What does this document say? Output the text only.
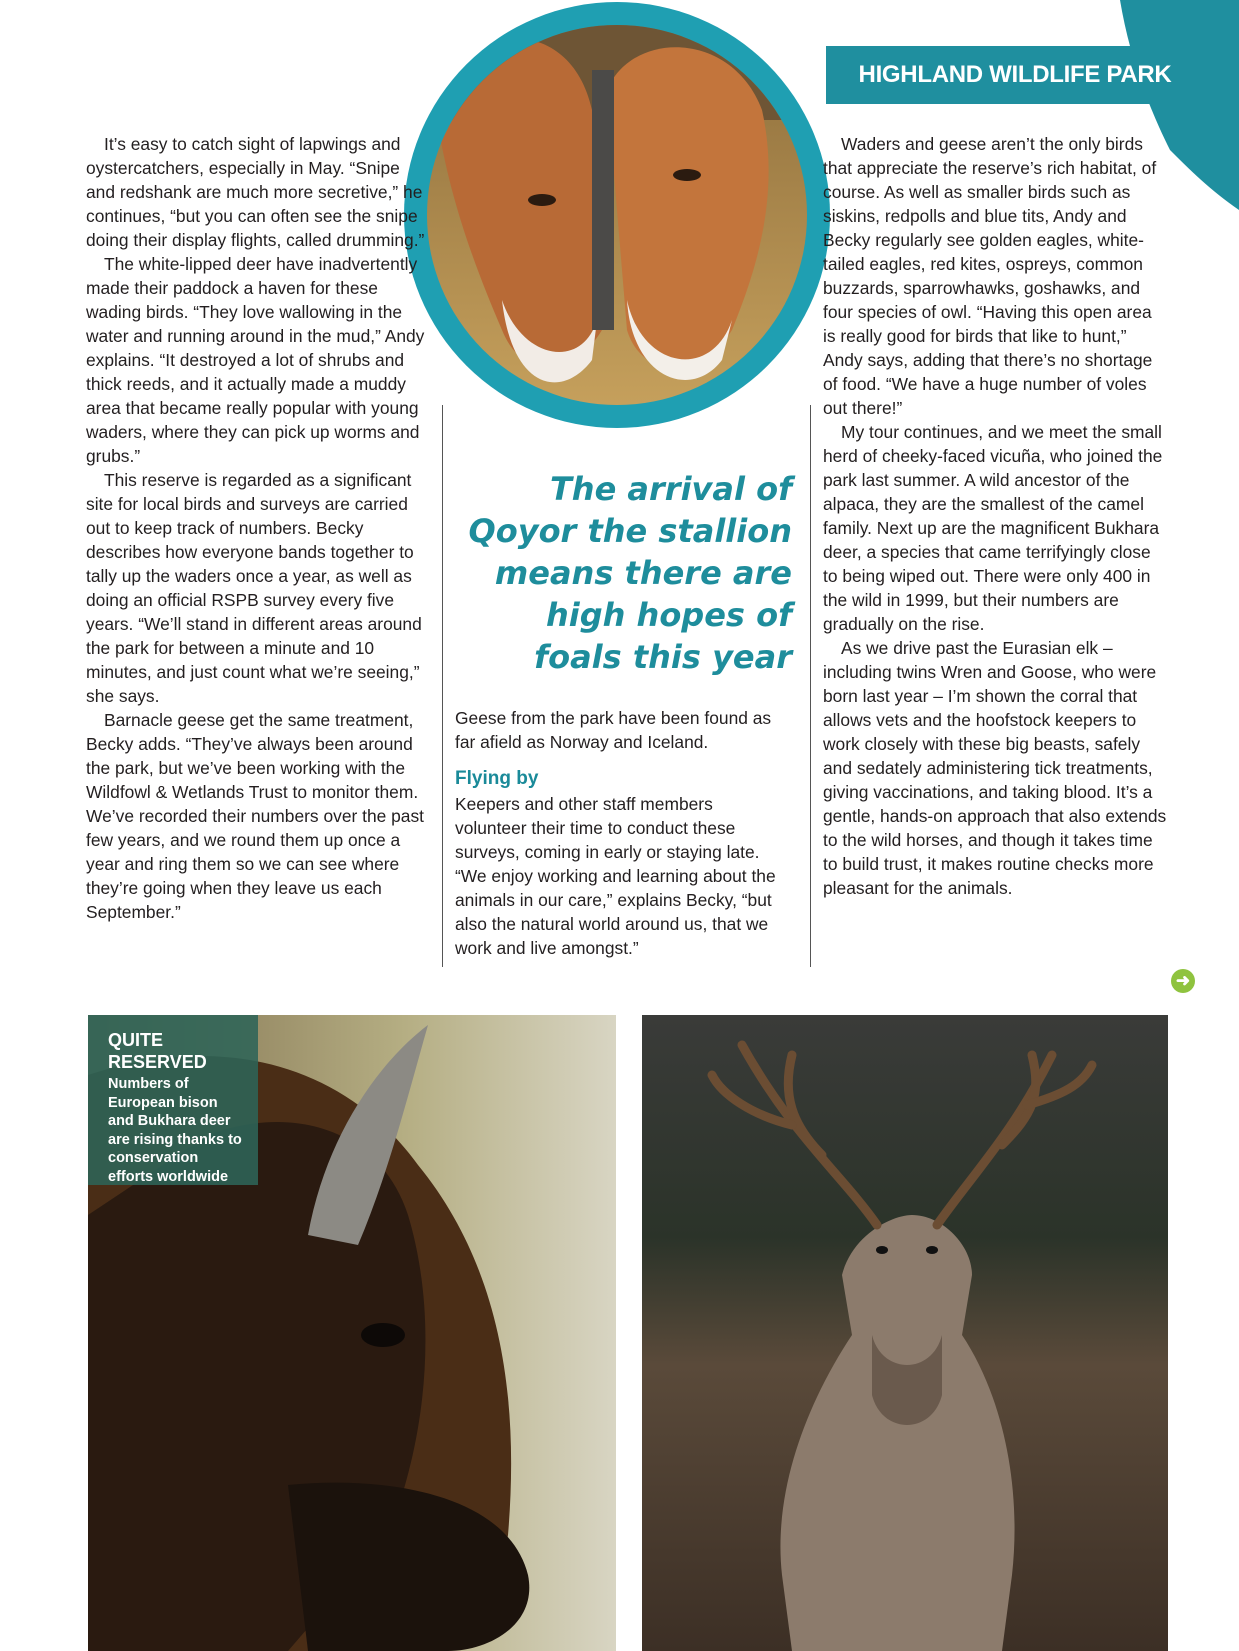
HIGHLAND WILDLIFE PARK

It’s easy to catch sight of lapwings and oystercatchers, especially in May. “Snipe and redshank are much more secretive,” he continues, “but you can often see the snipe doing their display flights, called drumming.”

The white-lipped deer have inadvertently made their paddock a haven for these wading birds. “They love wallowing in the water and running around in the mud,” Andy explains. “It destroyed a lot of shrubs and thick reeds, and it actually made a muddy area that became really popular with young waders, where they can pick up worms and grubs.”

This reserve is regarded as a significant site for local birds and surveys are carried out to keep track of numbers. Becky describes how everyone bands together to tally up the waders once a year, as well as doing an official RSPB survey every five years. “We’ll stand in different areas around the park for between a minute and 10 minutes, and just count what we’re seeing,” she says.

Barnacle geese get the same treatment, Becky adds. “They’ve always been around the park, but we’ve been working with the Wildfowl & Wetlands Trust to monitor them. We’ve recorded their numbers over the past few years, and we round them up once a year and ring them so we can see where they’re going when they leave us each September.”

The arrival of Qoyor the stallion means there are high hopes of foals this year

Geese from the park have been found as far afield as Norway and Iceland.

Flying by

Keepers and other staff members volunteer their time to conduct these surveys, coming in early or staying late. “We enjoy working and learning about the animals in our care,” explains Becky, “but also the natural world around us, that we work and live amongst.”

Waders and geese aren’t the only birds that appreciate the reserve’s rich habitat, of course. As well as smaller birds such as siskins, redpolls and blue tits, Andy and Becky regularly see golden eagles, white-tailed eagles, red kites, ospreys, common buzzards, sparrowhawks, goshawks, and four species of owl. “Having this open area is really good for birds that like to hunt,” Andy says, adding that there’s no shortage of food. “We have a huge number of voles out there!”

My tour continues, and we meet the small herd of cheeky-faced vicuña, who joined the park last summer. A wild ancestor of the alpaca, they are the smallest of the camel family. Next up are the magnificent Bukhara deer, a species that came terrifyingly close to being wiped out. There were only 400 in the wild in 1999, but their numbers are gradually on the rise.

As we drive past the Eurasian elk – including twins Wren and Goose, who were born last year – I’m shown the corral that allows vets and the hoofstock keepers to work closely with these big beasts, safely and sedately administering tick treatments, giving vaccinations, and taking blood. It’s a gentle, hands-on approach that also extends to the wild horses, and though it takes time to build trust, it makes routine checks more pleasant for the animals.

➜
QUITE RESERVED
Numbers of European bison and Bukhara deer are rising thanks to conservation efforts worldwide
